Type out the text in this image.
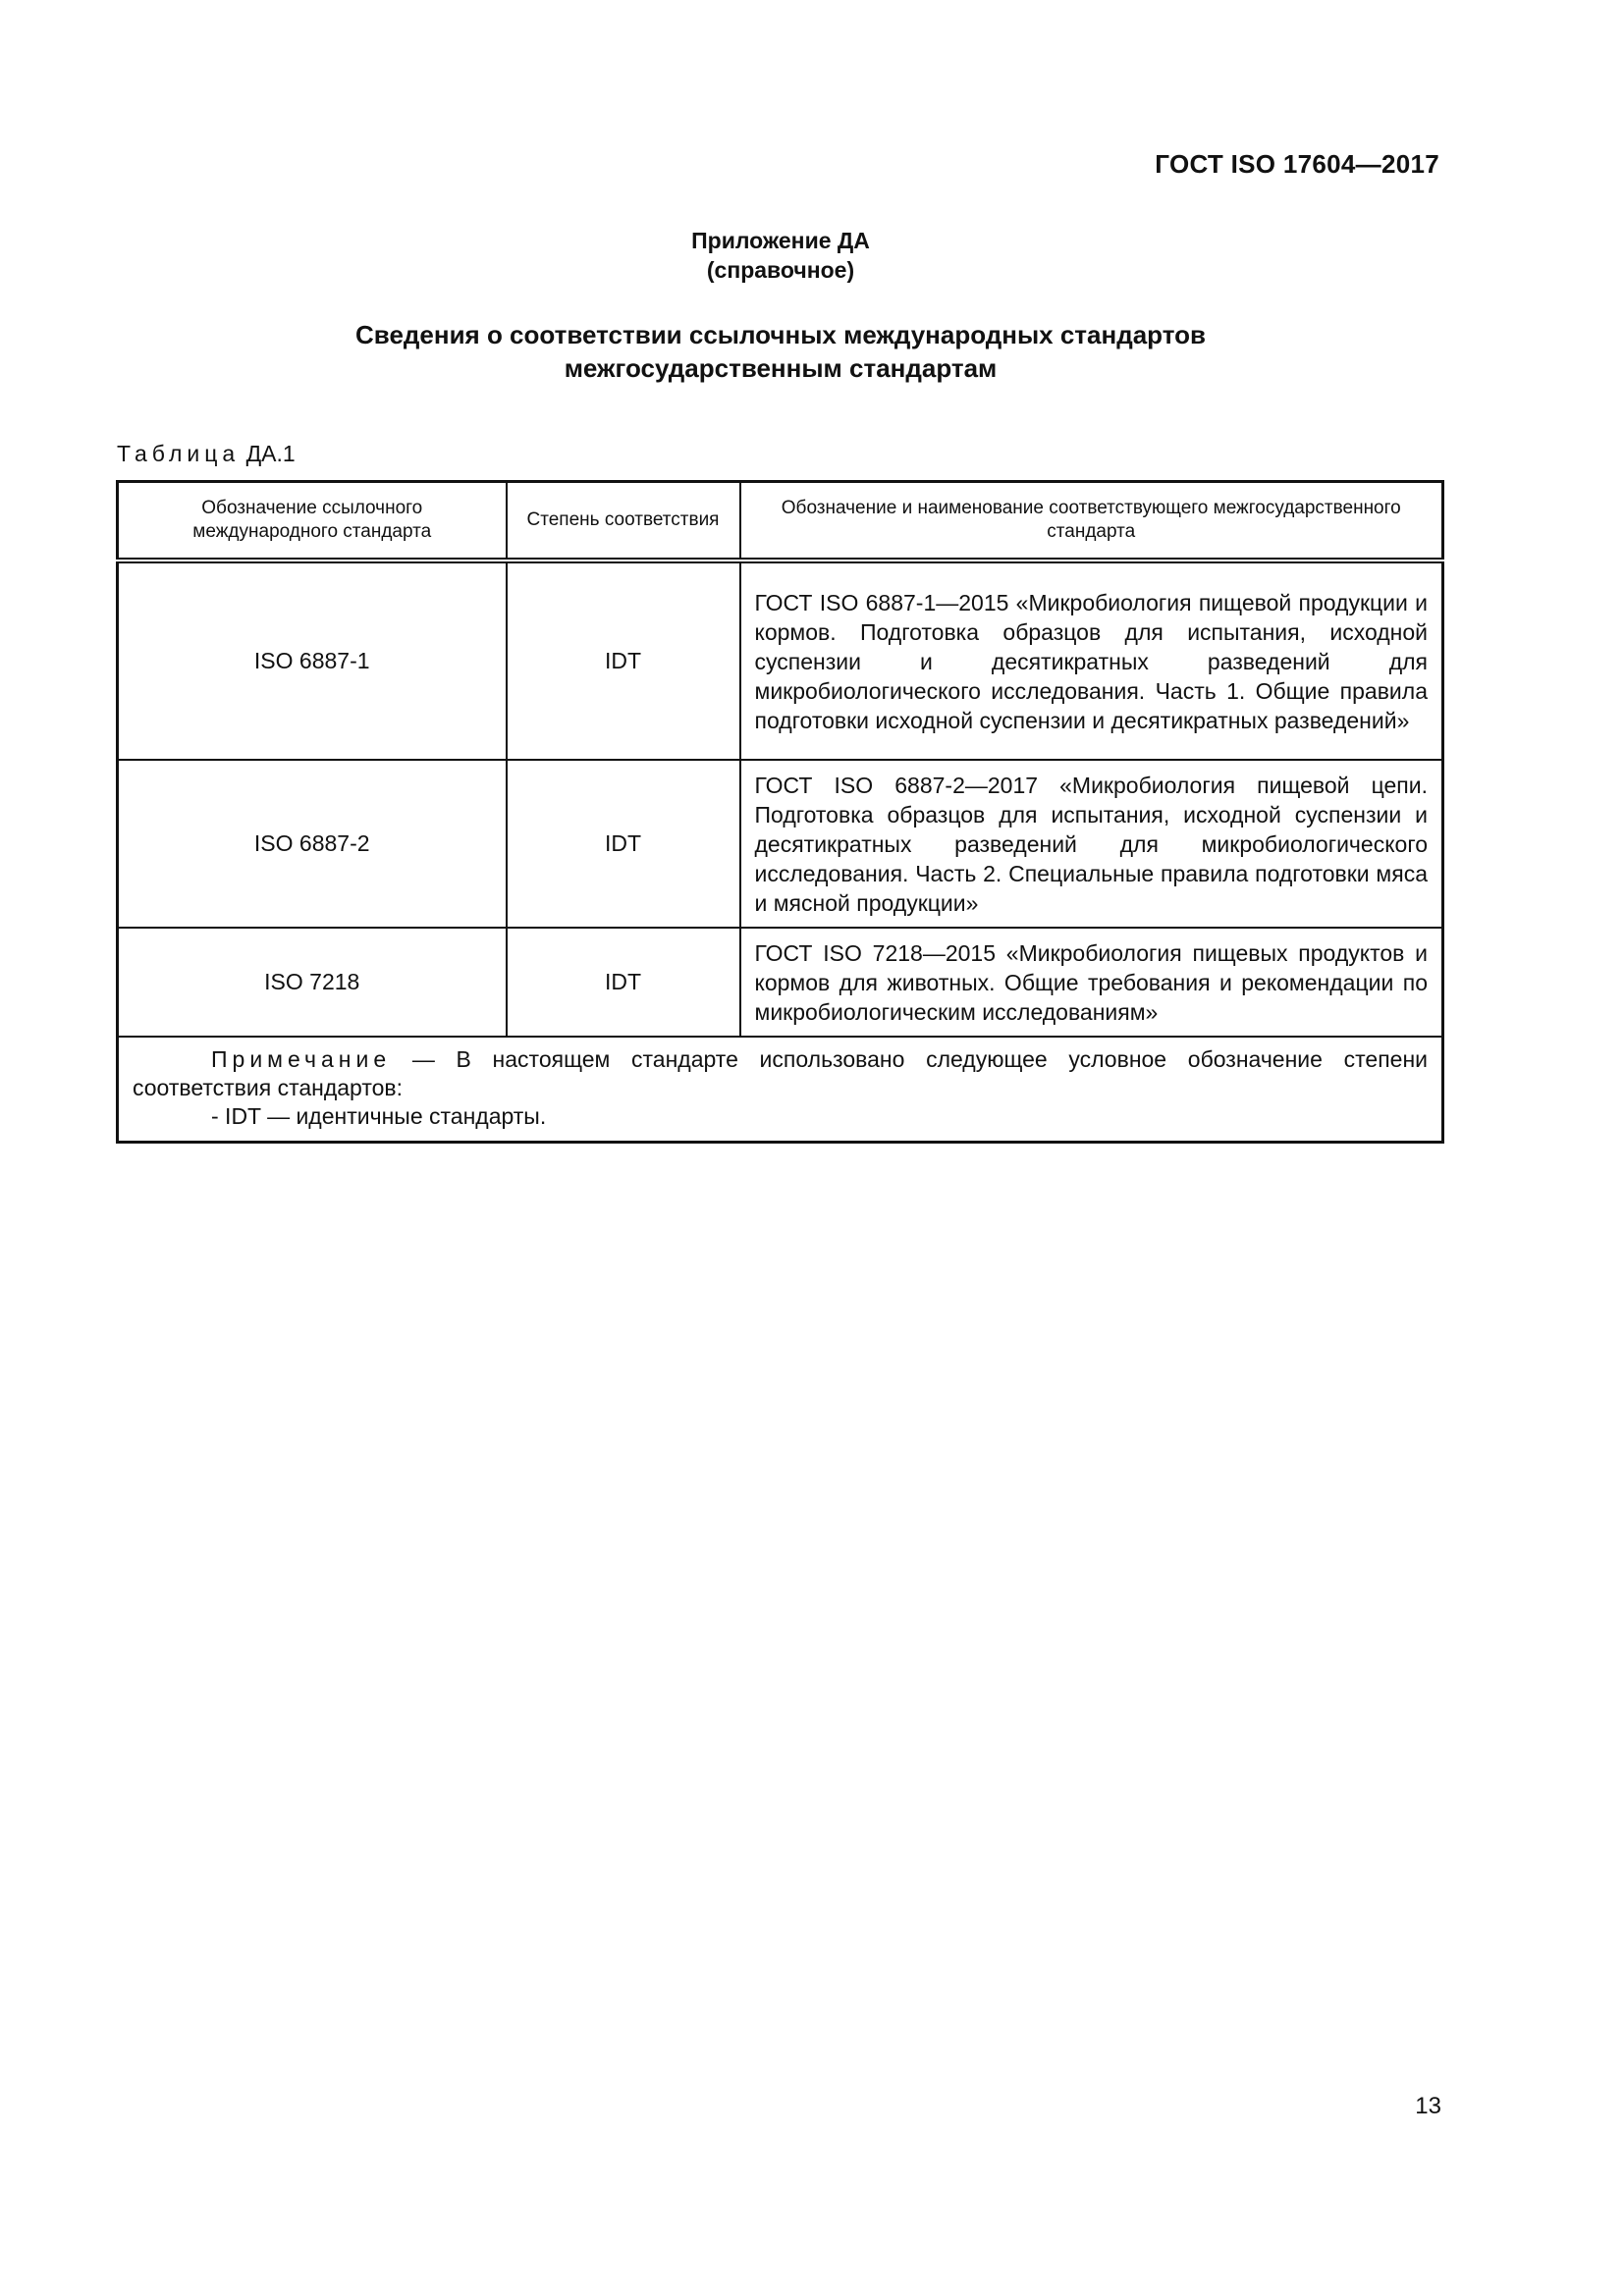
ГОСТ ISO 17604—2017
Приложение ДА
(справочное)
Сведения о соответствии ссылочных международных стандартов
межгосударственным стандартам
Таблица ДА.1
Обозначение ссылочного международного стандарта	Степень соответствия	Обозначение и наименование соответствующего межгосударственного стандарта
ISO 6887-1	IDT	ГОСТ ISO 6887-1—2015 «Микробиология пищевой продукции и кормов. Подготовка образцов для испытания, исходной суспензии и десятикратных разведений для микробиологического исследования. Часть 1. Общие правила подготовки исходной суспензии и десятикратных разведений»
ISO 6887-2	IDT	ГОСТ ISO 6887-2—2017 «Микробиология пищевой цепи. Подготовка образцов для испытания, исходной суспензии и десятикратных разведений для микробиологического исследования. Часть 2. Специальные правила подготовки мяса и мясной продукции»
ISO 7218	IDT	ГОСТ ISO 7218—2015 «Микробиология пищевых продуктов и кормов для животных. Общие требования и рекомендации по микробиологическим исследованиям»

Примечание — В настоящем стандарте использовано следующее условное обозначение степени
соответствия стандартов:
- IDT — идентичные стандарты.		
13
